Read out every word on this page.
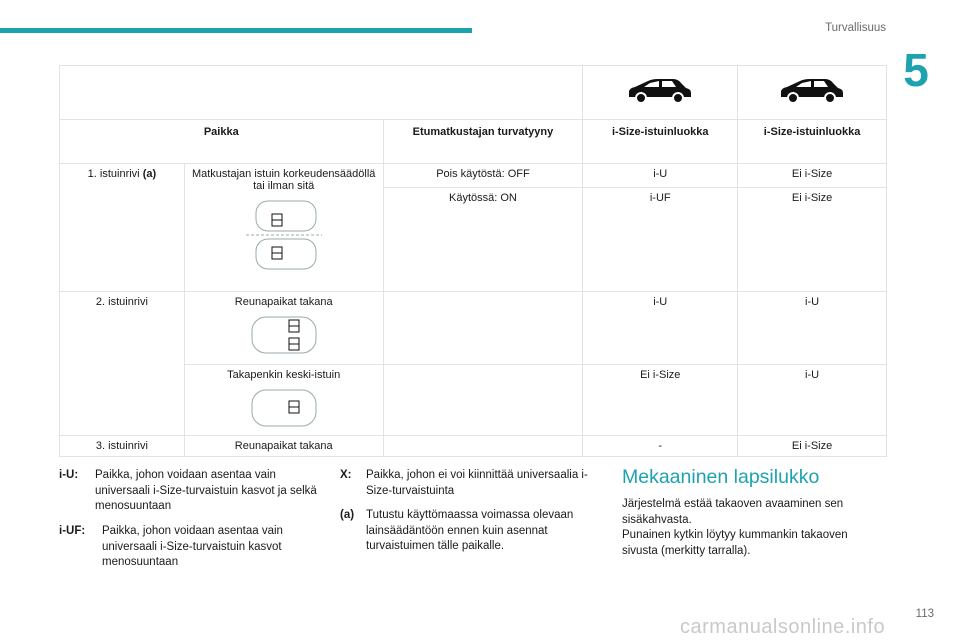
Turvallisuus
5

Paikka		Etumatkustajan turvatyyny	i-Size-istuinluokka	i-Size-istuinluokka
1. istuinrivi (a)	Matkustajan istuin korkeudensäädöllä tai ilman sitä	Pois käytöstä: OFF	i-U	Ei i-Size
		Käytössä: ON	i-UF	Ei i-Size
2. istuinrivi	Reunapaikat takana		i-U	i-U
	Takapenkin keski-istuin		Ei i-Size	i-U
3. istuinrivi	Reunapaikat takana		-	Ei i-Size
i-U: Paikka, johon voidaan asentaa vain universaali i-Size-turvaistuin kasvot ja selkä menosuuntaan
i-UF: Paikka, johon voidaan asentaa vain universaali i-Size-turvaistuin kasvot menosuuntaan
X: Paikka, johon ei voi kiinnittää universaalia i-Size-turvaistuinta
(a) Tutustu käyttömaassa voimassa olevaan lainsäädäntöön ennen kuin asennat turvaistuimen tälle paikalle.
Mekaaninen lapsilukko

Järjestelmä estää takaoven avaaminen sen sisäkahvasta.

Punainen kytkin löytyy kummankin takaoven sivusta (merkitty tarralla).

113
carmanualsonline.info
